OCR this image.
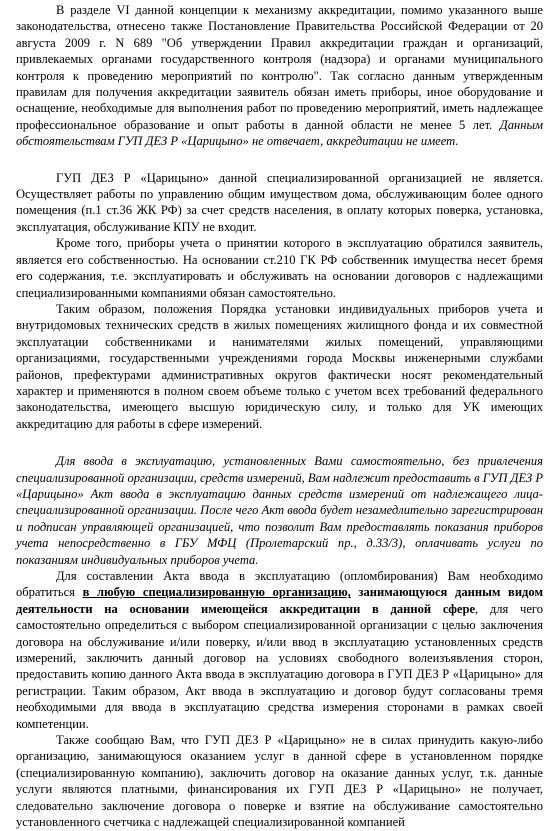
В разделе VI данной концепции к механизму аккредитации, помимо указанного выше законодательства, отнесено также Постановление Правительства Российской Федерации от 20 августа 2009 г. N 689 "Об утверждении Правил аккредитации граждан и организаций, привлекаемых органами государственного контроля (надзора) и органами муниципального контроля к проведению мероприятий по контролю". Так согласно данным утвержденным правилам для получения аккредитации заявитель обязан иметь приборы, иное оборудование и оснащение, необходимые для выполнения работ по проведению мероприятий, иметь надлежащее профессиональное образование и опыт работы в данной области не менее 5 лет. Данным обстоятельствам ГУП ДЕЗ Р «Царицыно» не отвечает, аккредитации не имеет.

ГУП ДЕЗ Р «Царицыно» данной специализированной организацией не является. Осуществляет работы по управлению общим имуществом дома, обслуживающим более одного помещения (п.1 ст.36 ЖК РФ) за счет средств населения, в оплату которых поверка, установка, эксплуатация, обслуживание КПУ не входит.

Кроме того, приборы учета о принятии которого в эксплуатацию обратился заявитель, является его собственностью. На основании ст.210 ГК РФ собственник имущества несет бремя его содержания, т.е. эксплуатировать и обслуживать на основании договоров с надлежащими специализированными компаниями обязан самостоятельно.

Таким образом, положения Порядка установки индивидуальных приборов учета и внутридомовых технических средств в жилых помещениях жилищного фонда и их совместной эксплуатации собственниками и нанимателями жилых помещений, управляющими организациями, государственными учреждениями города Москвы инженерными службами районов, префектурами административных округов фактически носят рекомендательный характер и применяются в полном своем объеме только с учетом всех требований федерального законодательства, имеющего высшую юридическую силу, и только для УК имеющих аккредитацию для работы в сфере измерений.

Для ввода в эксплуатацию, установленных Вами самостоятельно, без привлечения специализированной организации, средств измерений, Вам надлежит предоставить в ГУП ДЕЗ Р «Царицыно» Акт ввода в эксплуатацию данных средств измерений от надлежащего лица- специализированной организации. После чего Акт ввода будет незамедлительно зарегистрирован и подписан управляющей организацией, что позволит Вам предоставлять показания приборов учета непосредственно в ГБУ МФЦ (Пролетарский пр., д.33/3), оплачивать услуги по показаниям индивидуальных приборов учета.

Для составлении Акта ввода в эксплуатацию (опломбирования) Вам необходимо обратиться в любую специализированную организацию, занимающуюся данным видом деятельности на основании имеющейся аккредитации в данной сфере, для чего самостоятельно определиться с выбором специализированной организации с целью заключения договора на обслуживание и/или поверку, и/или ввод в эксплуатацию установленных средств измерений, заключить данный договор на условиях свободного волеизъявления сторон, предоставить копию данного Акта ввода в эксплуатацию договора в ГУП ДЕЗ Р «Царицыно» для регистрации. Таким образом, Акт ввода в эксплуатацию и договор будут согласованы тремя необходимыми для ввода в эксплуатацию средства измерения сторонами в рамках своей компетенции.

Также сообщаю Вам, что ГУП ДЕЗ Р «Царицыно» не в силах принудить какую-либо организацию, занимающуюся оказанием услуг в данной сфере в установленном порядке (специализированную компанию), заключить договор на оказание данных услуг, т.к. данные услуги являются платными, финансирования их ГУП ДЕЗ Р «Царицыно» не получает, следовательно заключение договора о поверке и взятие на обслуживание самостоятельно установленного счетчика с надлежащей специализированной компанией
